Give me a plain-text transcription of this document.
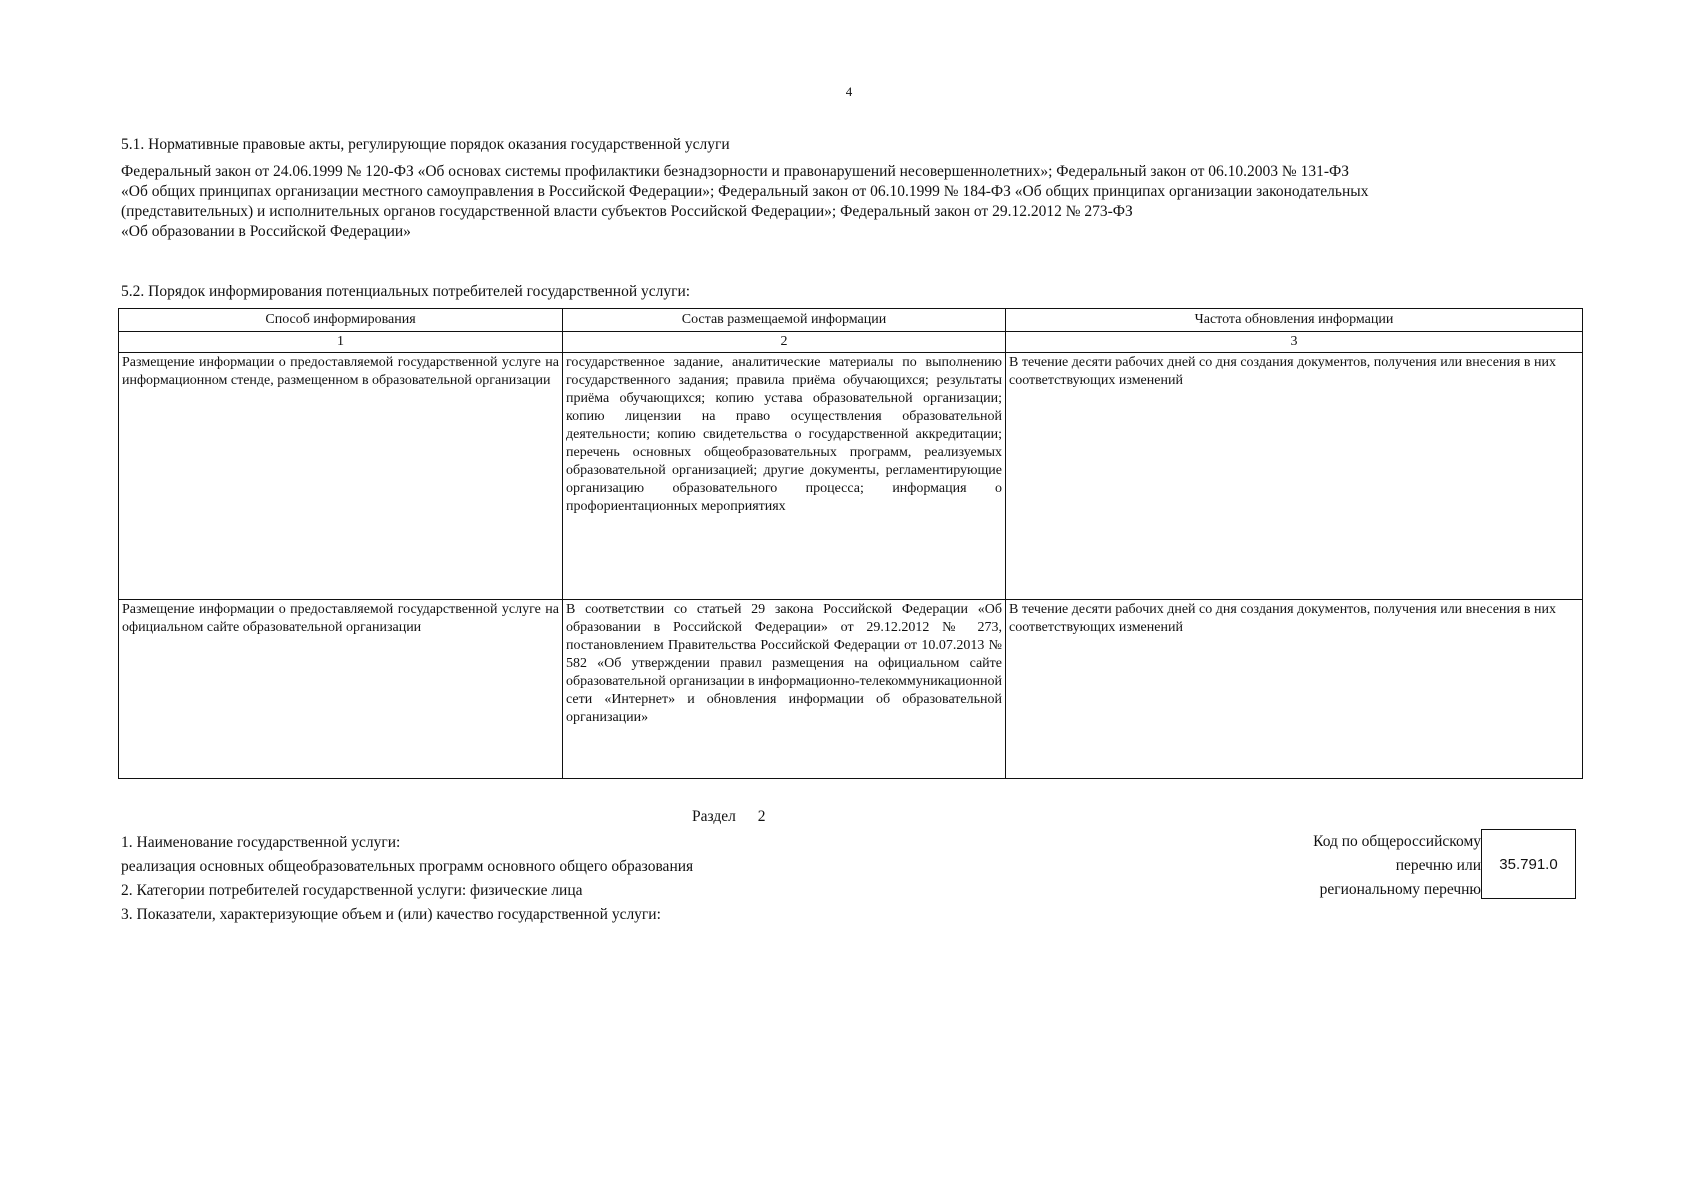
4
5.1. Нормативные правовые акты, регулирующие порядок оказания государственной услуги
Федеральный закон от 24.06.1999 № 120-ФЗ «Об основах системы профилактики безнадзорности и правонарушений несовершеннолетних»; Федеральный закон от 06.10.2003 № 131-ФЗ
«Об общих принципах организации местного самоуправления в Российской Федерации»; Федеральный закон от 06.10.1999 № 184-ФЗ «Об общих принципах организации законодательных
(представительных) и исполнительных органов государственной власти субъектов Российской Федерации»; Федеральный закон от 29.12.2012 № 273-ФЗ
«Об образовании в Российской Федерации»
5.2. Порядок информирования потенциальных потребителей государственной услуги:
Способ информирования	Состав размещаемой информации	Частота обновления информации
1	2	3
Размещение информации о предоставляемой государственной услуге на информационном стенде, размещенном в образовательной организации	государственное задание, аналитические материалы по выполнению государственного задания; правила приёма обучающихся; результаты приёма обучающихся; копию устава образовательной организации; копию лицензии на право осуществления образовательной деятельности; копию свидетельства о государственной аккредитации; перечень основных общеобразовательных программ, реализуемых образовательной организацией; другие документы, регламентирующие организацию образовательного процесса; информация о профориентационных мероприятиях	В течение десяти рабочих дней со дня создания документов, получения или внесения в них соответствующих изменений
Размещение информации о предоставляемой государственной услуге на официальном сайте образовательной организации	В соответствии со статьей 29 закона Российской Федерации «Об образовании в Российской Федерации» от 29.12.2012 № 273, постановлением Правительства Российской Федерации от 10.07.2013 № 582 «Об утверждении правил размещения на официальном сайте образовательной организации в информационно-телекоммуникационной сети «Интернет» и обновления информации об образовательной организации»	В течение десяти рабочих дней со дня создания документов, получения или внесения в них соответствующих изменений
Раздел 2
1. Наименование государственной услуги:
реализация основных общеобразовательных программ основного общего образования
2. Категории потребителей государственной услуги: физические лица
3. Показатели, характеризующие объем и (или) качество государственной услуги:
Код по общероссийскому
перечню или
региональному перечню
35.791.0
